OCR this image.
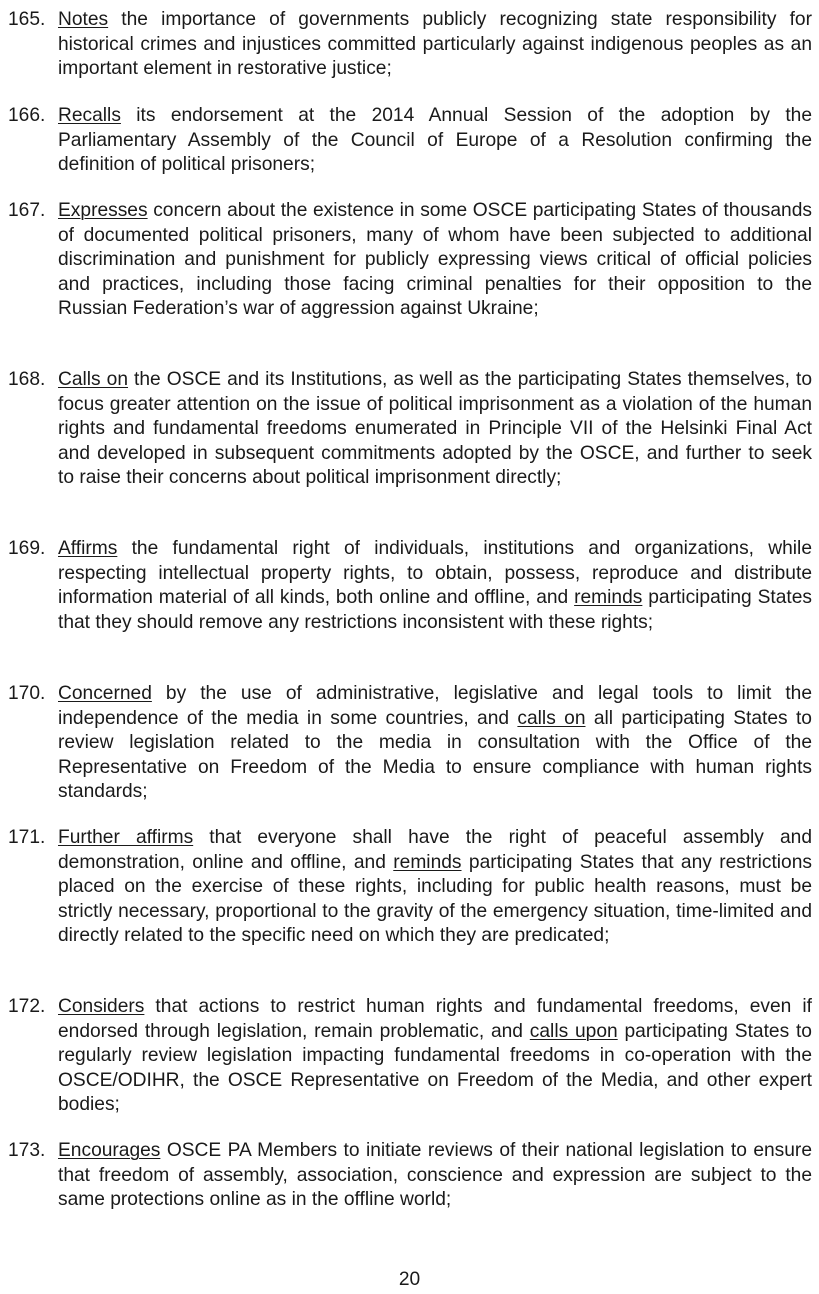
165. Notes the importance of governments publicly recognizing state responsibility for historical crimes and injustices committed particularly against indigenous peoples as an important element in restorative justice;
166. Recalls its endorsement at the 2014 Annual Session of the adoption by the Parliamentary Assembly of the Council of Europe of a Resolution confirming the definition of political prisoners;
167. Expresses concern about the existence in some OSCE participating States of thousands of documented political prisoners, many of whom have been subjected to additional discrimination and punishment for publicly expressing views critical of official policies and practices, including those facing criminal penalties for their opposition to the Russian Federation’s war of aggression against Ukraine;
168. Calls on the OSCE and its Institutions, as well as the participating States themselves, to focus greater attention on the issue of political imprisonment as a violation of the human rights and fundamental freedoms enumerated in Principle VII of the Helsinki Final Act and developed in subsequent commitments adopted by the OSCE, and further to seek to raise their concerns about political imprisonment directly;
169. Affirms the fundamental right of individuals, institutions and organizations, while respecting intellectual property rights, to obtain, possess, reproduce and distribute information material of all kinds, both online and offline, and reminds participating States that they should remove any restrictions inconsistent with these rights;
170. Concerned by the use of administrative, legislative and legal tools to limit the independence of the media in some countries, and calls on all participating States to review legislation related to the media in consultation with the Office of the Representative on Freedom of the Media to ensure compliance with human rights standards;
171. Further affirms that everyone shall have the right of peaceful assembly and demonstration, online and offline, and reminds participating States that any restrictions placed on the exercise of these rights, including for public health reasons, must be strictly necessary, proportional to the gravity of the emergency situation, time-limited and directly related to the specific need on which they are predicated;
172. Considers that actions to restrict human rights and fundamental freedoms, even if endorsed through legislation, remain problematic, and calls upon participating States to regularly review legislation impacting fundamental freedoms in co-operation with the OSCE/ODIHR, the OSCE Representative on Freedom of the Media, and other expert bodies;
173. Encourages OSCE PA Members to initiate reviews of their national legislation to ensure that freedom of assembly, association, conscience and expression are subject to the same protections online as in the offline world;
20
